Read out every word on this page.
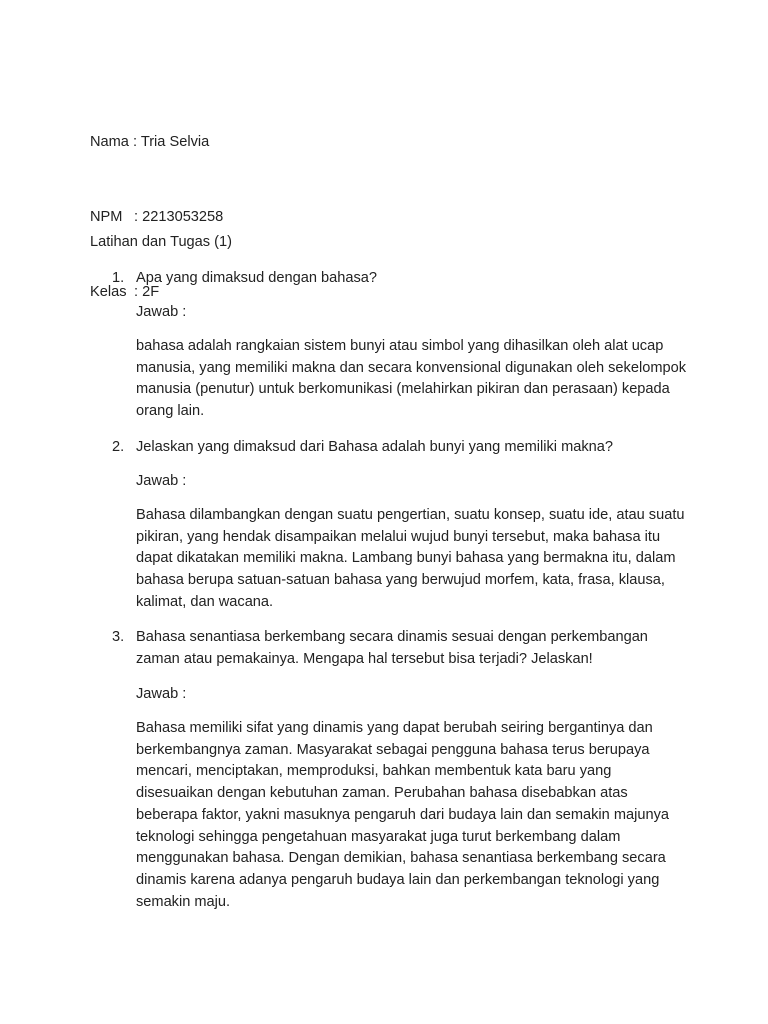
Nama : Tria Selvia

NPM : 2213053258

Kelas : 2F

Latihan dan Tugas (1)
1. Apa yang dimaksud dengan bahasa?
Jawab :
bahasa adalah rangkaian sistem bunyi atau simbol yang dihasilkan oleh alat ucap manusia, yang memiliki makna dan secara konvensional digunakan oleh sekelompok manusia (penutur) untuk berkomunikasi (melahirkan pikiran dan perasaan) kepada orang lain.
2. Jelaskan yang dimaksud dari Bahasa adalah bunyi yang memiliki makna?
Jawab :
Bahasa dilambangkan dengan suatu pengertian, suatu konsep, suatu ide, atau suatu pikiran, yang hendak disampaikan melalui wujud bunyi tersebut, maka bahasa itu dapat dikatakan memiliki makna. Lambang bunyi bahasa yang bermakna itu, dalam bahasa berupa satuan-satuan bahasa yang berwujud morfem, kata, frasa, klausa, kalimat, dan wacana.
3. Bahasa senantiasa berkembang secara dinamis sesuai dengan perkembangan zaman atau pemakainya. Mengapa hal tersebut bisa terjadi? Jelaskan!
Jawab :
Bahasa memiliki sifat yang dinamis yang dapat berubah seiring bergantinya dan berkembangnya zaman. Masyarakat sebagai pengguna bahasa terus berupaya mencari, menciptakan, memproduksi, bahkan membentuk kata baru yang disesuaikan dengan kebutuhan zaman. Perubahan bahasa disebabkan atas beberapa faktor, yakni masuknya pengaruh dari budaya lain dan semakin majunya teknologi sehingga pengetahuan masyarakat juga turut berkembang dalam menggunakan bahasa. Dengan demikian, bahasa senantiasa berkembang secara dinamis karena adanya pengaruh budaya lain dan perkembangan teknologi yang semakin maju.
